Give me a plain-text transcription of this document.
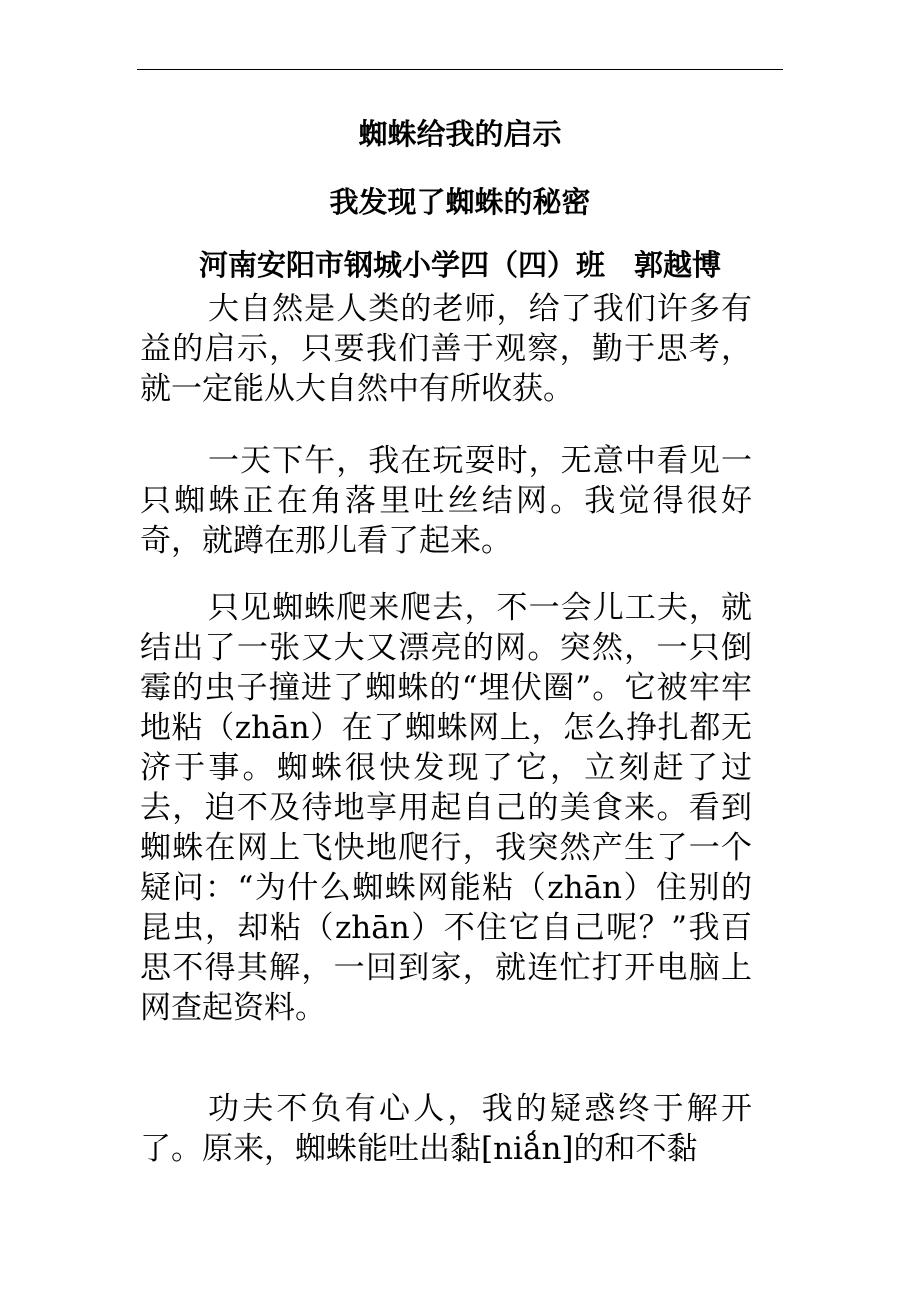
蜘蛛给我的启示
我发现了蜘蛛的秘密
河南安阳市钢城小学四（四）班　郭越博

大自然是人类的老师，给了我们许多有益的启示，只要我们善于观察，勤于思考，就一定能从大自然中有所收获。

一天下午，我在玩耍时，无意中看见一只蜘蛛正在角落里吐丝结网。我觉得很好奇，就蹲在那儿看了起来。

只见蜘蛛爬来爬去，不一会儿工夫，就结出了一张又大又漂亮的网。突然，一只倒霉的虫子撞进了蜘蛛的“埋伏圈”。它被牢牢地粘（zhān）在了蜘蛛网上，怎么挣扎都无济于事。蜘蛛很快发现了它，立刻赶了过去，迫不及待地享用起自己的美食来。看到蜘蛛在网上飞快地爬行，我突然产生了一个疑问：“为什么蜘蛛网能粘（zhān）住别的昆虫，却粘（zhān）不住它自己呢？”我百思不得其解，一回到家，就连忙打开电脑上网查起资料。

功夫不负有心人，我的疑惑终于解开了。原来，蜘蛛能吐出黏[niǻn]的和不黏
